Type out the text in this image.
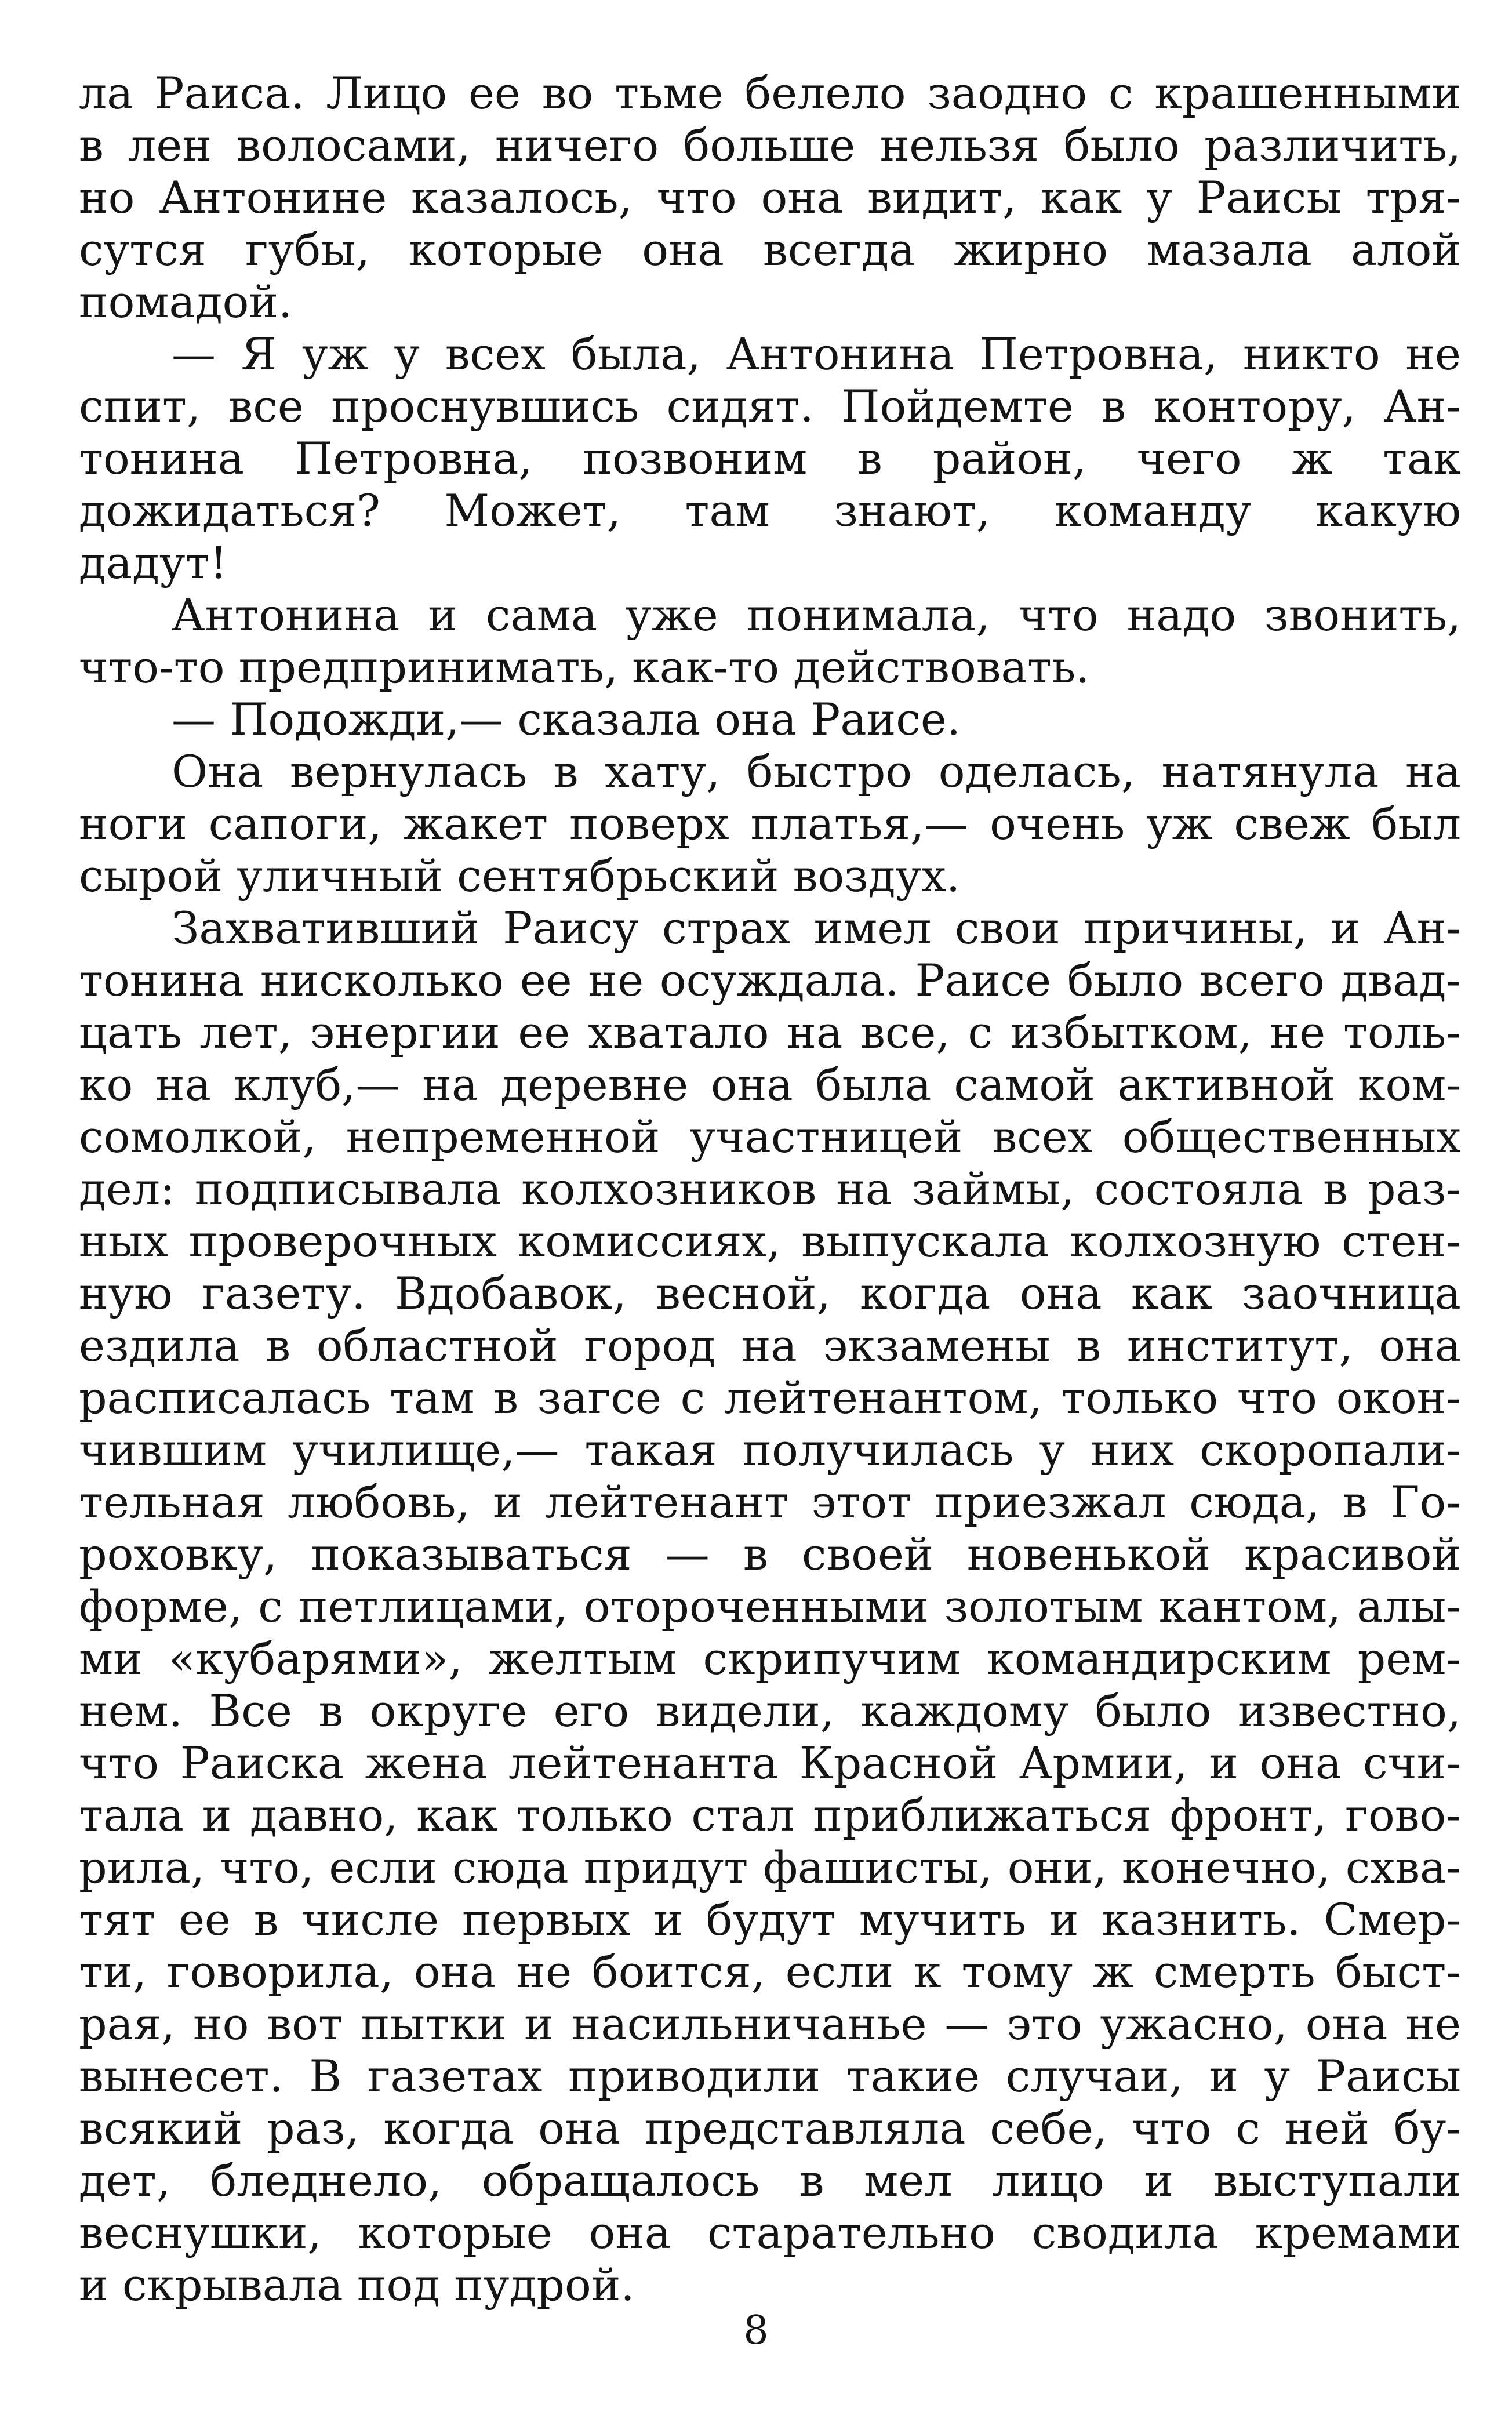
ла Раиса. Лицо ее во тьме белело заодно с крашенными
в лен волосами, ничего больше нельзя было различить,
но Антонине казалось, что она видит, как у Раисы тря-
сутся губы, которые она всегда жирно мазала алой
помадой.
— Я уж у всех была, Антонина Петровна, никто не
спит, все проснувшись сидят. Пойдемте в контору, Ан-
тонина Петровна, позвоним в район, чего ж так
дожидаться? Может, там знают, команду какую
дадут!
Антонина и сама уже понимала, что надо звонить,
что-то предпринимать, как-то действовать.
— Подожди,— сказала она Раисе.
Она вернулась в хату, быстро оделась, натянула на
ноги сапоги, жакет поверх платья,— очень уж свеж был
сырой уличный сентябрьский воздух.
Захвативший Раису страх имел свои причины, и Ан-
тонина нисколько ее не осуждала. Раисе было всего двад-
цать лет, энергии ее хватало на все, с избытком, не толь-
ко на клуб,— на деревне она была самой активной ком-
сомолкой, непременной участницей всех общественных
дел: подписывала колхозников на займы, состояла в раз-
ных проверочных комиссиях, выпускала колхозную стен-
ную газету. Вдобавок, весной, когда она как заочница
ездила в областной город на экзамены в институт, она
расписалась там в загсе с лейтенантом, только что окон-
чившим училище,— такая получилась у них скоропали-
тельная любовь, и лейтенант этот приезжал сюда, в Го-
роховку, показываться — в своей новенькой красивой
форме, с петлицами, отороченными золотым кантом, алы-
ми «кубарями», желтым скрипучим командирским рем-
нем. Все в округе его видели, каждому было известно,
что Раиска жена лейтенанта Красной Армии, и она счи-
тала и давно, как только стал приближаться фронт, гово-
рила, что, если сюда придут фашисты, они, конечно, схва-
тят ее в числе первых и будут мучить и казнить. Смер-
ти, говорила, она не боится, если к тому ж смерть быст-
рая, но вот пытки и насильничанье — это ужасно, она не
вынесет. В газетах приводили такие случаи, и у Раисы
всякий раз, когда она представляла себе, что с ней бу-
дет, бледнело, обращалось в мел лицо и выступали
веснушки, которые она старательно сводила кремами
и скрывала под пудрой.
8
